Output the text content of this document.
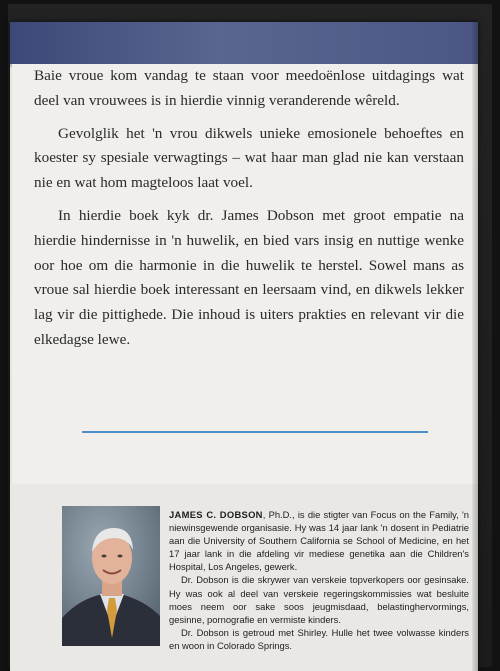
Baie vroue kom vandag te staan voor meedoënlose uitdagings wat deel van vrouwees is in hierdie vinnig veranderende wêreld.

Gevolglik het 'n vrou dikwels unieke emosionele behoeftes en koester sy spesiale verwagtings – wat haar man glad nie kan verstaan nie en wat hom magteloos laat voel.

In hierdie boek kyk dr. James Dobson met groot empatie na hierdie hindernisse in 'n huwelik, en bied vars insig en nuttige wenke oor hoe om die harmonie in die huwelik te herstel. Sowel mans as vroue sal hierdie boek interessant en leersaam vind, en dikwels lekker lag vir die pittighede. Die inhoud is uiters prakties en relevant vir die elkedagse lewe.

JAMES C. DOBSON, Ph.D., is die stigter van Focus on the Family, 'n niewinsgewende organisasie. Hy was 14 jaar lank 'n dosent in Pediatrie aan die University of Southern California se School of Medicine, en het 17 jaar lank in die afdeling vir mediese genetika aan die Children's Hospital, Los Angeles, gewerk.

Dr. Dobson is die skrywer van verskeie topverkopers oor gesinsake. Hy was ook al deel van verskeie regeringskommissies wat besluite moes neem oor sake soos jeugmisdaad, belastinghervormings, gesinne, pornografie en vermiste kinders.

Dr. Dobson is getroud met Shirley. Hulle het twee volwasse kinders en woon in Colorado Springs.
